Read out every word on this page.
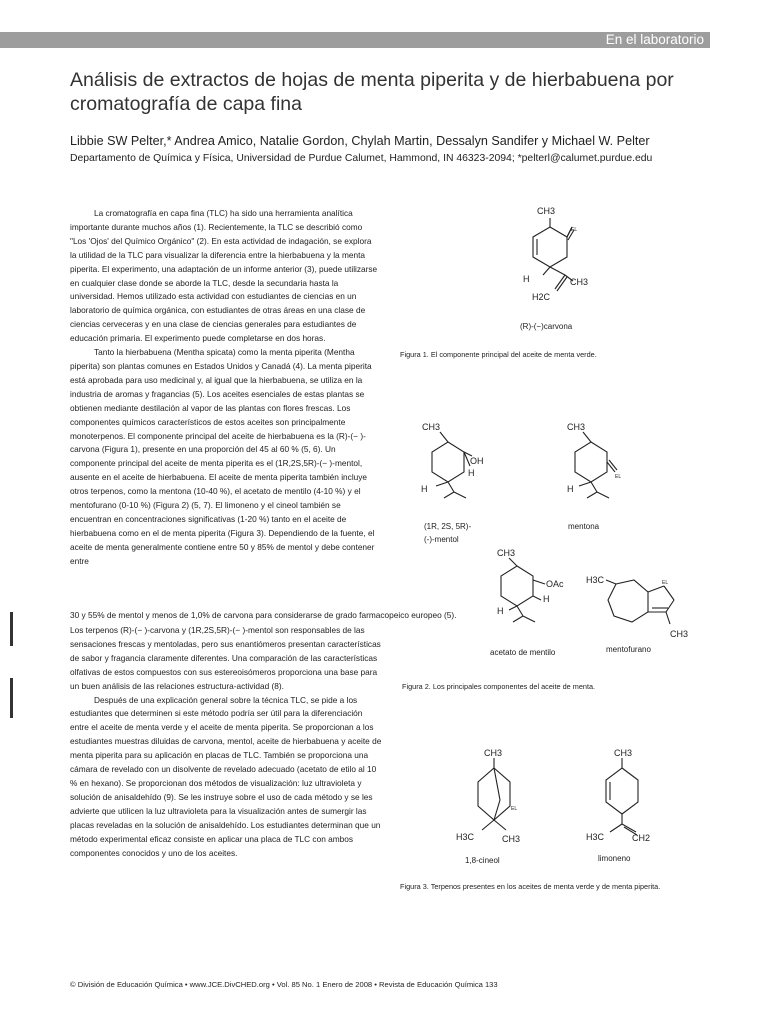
En el laboratorio
Análisis de extractos de hojas de menta piperita y de hierbabuena por cromatografía de capa fina
Libbie SW Pelter,* Andrea Amico, Natalie Gordon, Chylah Martin, Dessalyn Sandifer y Michael W. Pelter
Departamento de Química y Física, Universidad de Purdue Calumet, Hammond, IN 46323-2094; *pelterl@calumet.purdue.edu

La cromatografía en capa fina (TLC) ha sido una herramienta analítica importante durante muchos años (1). Recientemente, la TLC se describió como "Los 'Ojos' del Químico Orgánico" (2). En esta actividad de indagación, se explora la utilidad de la TLC para visualizar la diferencia entre la hierbabuena y la menta piperita. El experimento, una adaptación de un informe anterior (3), puede utilizarse en cualquier clase donde se aborde la TLC, desde la secundaria hasta la universidad. Hemos utilizado esta actividad con estudiantes de ciencias en un laboratorio de química orgánica, con estudiantes de otras áreas en una clase de ciencias cerveceras y en una clase de ciencias generales para estudiantes de educación primaria. El experimento puede completarse en dos horas.

Tanto la hierbabuena (Mentha spicata) como la menta piperita (Mentha piperita) son plantas comunes en Estados Unidos y Canadá (4). La menta piperita está aprobada para uso medicinal y, al igual que la hierbabuena, se utiliza en la industria de aromas y fragancias (5). Los aceites esenciales de estas plantas se obtienen mediante destilación al vapor de las plantas con flores frescas. Los componentes químicos característicos de estos aceites son principalmente monoterpenos. El componente principal del aceite de hierbabuena es la (R)-(− )-carvona (Figura 1), presente en una proporción del 45 al 60 % (5, 6). Un componente principal del aceite de menta piperita es el (1R,2S,5R)-(− )-mentol, ausente en el aceite de hierbabuena. El aceite de menta piperita también incluye otros terpenos, como la mentona (10-40 %), el acetato de mentilo (4-10 %) y el mentofurano (0-10 %) (Figura 2) (5, 7). El limoneno y el cineol también se encuentran en concentraciones significativas (1-20 %) tanto en el aceite de hierbabuena como en el de menta piperita (Figura 3). Dependiendo de la fuente, el aceite de menta generalmente contiene entre 50 y 85% de mentol y debe contener entre

30 y 55% de mentol y menos de 1,0% de carvona para considerarse de grado farmacopeico europeo (5).

Los terpenos (R)-(− )-carvona y (1R,2S,5R)-(− )-mentol son responsables de las sensaciones frescas y mentoladas, pero sus enantiómeros presentan características de sabor y fragancia claramente diferentes. Una comparación de las características olfativas de estos compuestos con sus estereoisómeros proporciona una base para un buen análisis de las relaciones estructura-actividad (8).

Después de una explicación general sobre la técnica TLC, se pide a los estudiantes que determinen si este método podría ser útil para la diferenciación entre el aceite de menta verde y el aceite de menta piperita. Se proporcionan a los estudiantes muestras diluidas de carvona, mentol, aceite de hierbabuena y aceite de menta piperita para su aplicación en placas de TLC. También se proporciona una cámara de revelado con un disolvente de revelado adecuado (acetato de etilo al 10 % en hexano). Se proporcionan dos métodos de visualización: luz ultravioleta y solución de anisaldehído (9). Se les instruye sobre el uso de cada método y se les advierte que utilicen la luz ultravioleta para la visualización antes de sumergir las placas reveladas en la solución de anisaldehído. Los estudiantes determinan que un método experimental eficaz consiste en aplicar una placa de TLC con ambos componentes conocidos y uno de los aceites.

CH3
EL
H	CH3
H2C
(R)-(−)carvona
Figura 1. El componente principal del aceite de menta verde.
CH3
OH
H
H
(1R, 2S, 5R)-
(-)-mentol
CH3
EL
H
mentona
CH3
OAc
H
H
acetato de mentilo
H3C	EL
CH3
mentofurano
Figura 2. Los principales componentes del aceite de menta.
CH3
EL
H3C	CH3
1,8-cineol
CH3
H3C	CH2
limoneno
Figura 3. Terpenos presentes en los aceites de menta verde y de menta piperita.
© División de Educación Química • www.JCE.DivCHED.org • Vol. 85 No. 1 Enero de 2008 • Revista de Educación Química 133
